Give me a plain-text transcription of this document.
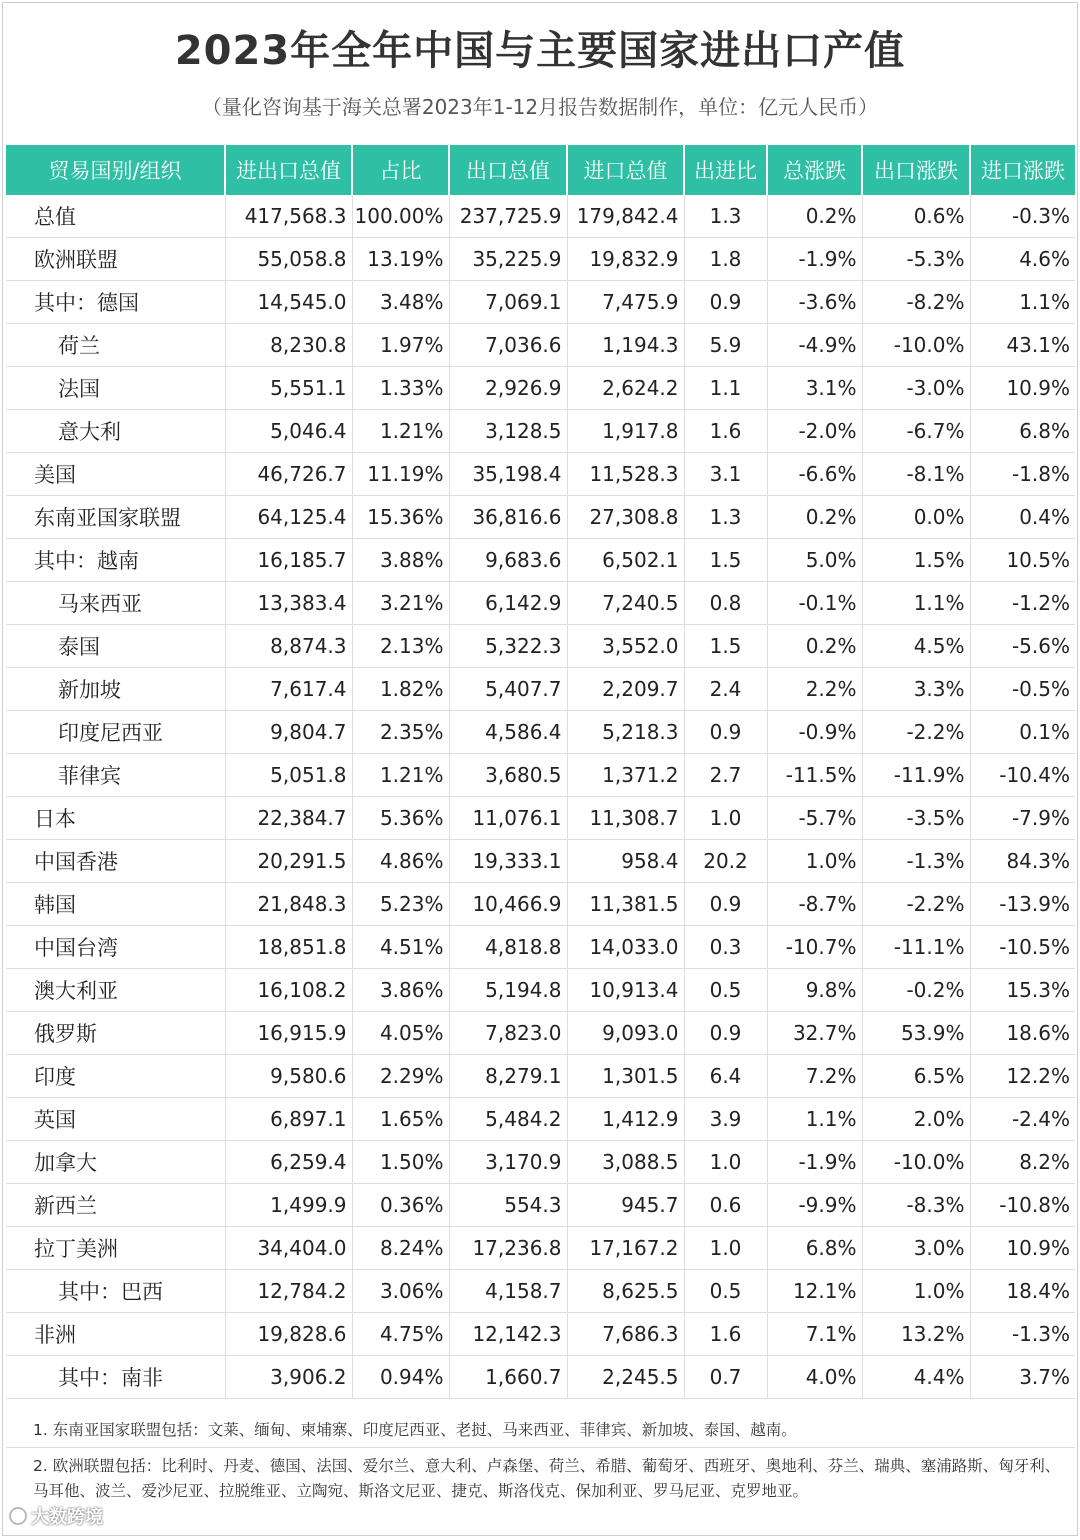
2023年全年中国与主要国家进出口产值
（量化咨询基于海关总署2023年1-12月报告数据制作，单位：亿元人民币）
贸易国别/组织	进出口总值	占比	出口总值	进口总值	出进比	总涨跌	出口涨跌	进口涨跌
总值	417,568.3	100.00%	237,725.9	179,842.4	1.3	0.2%	0.6%	-0.3%
欧洲联盟	55,058.8	13.19%	35,225.9	19,832.9	1.8	-1.9%	-5.3%	4.6%
其中：德国	14,545.0	3.48%	7,069.1	7,475.9	0.9	-3.6%	-8.2%	1.1%
荷兰	8,230.8	1.97%	7,036.6	1,194.3	5.9	-4.9%	-10.0%	43.1%
法国	5,551.1	1.33%	2,926.9	2,624.2	1.1	3.1%	-3.0%	10.9%
意大利	5,046.4	1.21%	3,128.5	1,917.8	1.6	-2.0%	-6.7%	6.8%
美国	46,726.7	11.19%	35,198.4	11,528.3	3.1	-6.6%	-8.1%	-1.8%
东南亚国家联盟	64,125.4	15.36%	36,816.6	27,308.8	1.3	0.2%	0.0%	0.4%
其中：越南	16,185.7	3.88%	9,683.6	6,502.1	1.5	5.0%	1.5%	10.5%
马来西亚	13,383.4	3.21%	6,142.9	7,240.5	0.8	-0.1%	1.1%	-1.2%
泰国	8,874.3	2.13%	5,322.3	3,552.0	1.5	0.2%	4.5%	-5.6%
新加坡	7,617.4	1.82%	5,407.7	2,209.7	2.4	2.2%	3.3%	-0.5%
印度尼西亚	9,804.7	2.35%	4,586.4	5,218.3	0.9	-0.9%	-2.2%	0.1%
菲律宾	5,051.8	1.21%	3,680.5	1,371.2	2.7	-11.5%	-11.9%	-10.4%
日本	22,384.7	5.36%	11,076.1	11,308.7	1.0	-5.7%	-3.5%	-7.9%
中国香港	20,291.5	4.86%	19,333.1	958.4	20.2	1.0%	-1.3%	84.3%
韩国	21,848.3	5.23%	10,466.9	11,381.5	0.9	-8.7%	-2.2%	-13.9%
中国台湾	18,851.8	4.51%	4,818.8	14,033.0	0.3	-10.7%	-11.1%	-10.5%
澳大利亚	16,108.2	3.86%	5,194.8	10,913.4	0.5	9.8%	-0.2%	15.3%
俄罗斯	16,915.9	4.05%	7,823.0	9,093.0	0.9	32.7%	53.9%	18.6%
印度	9,580.6	2.29%	8,279.1	1,301.5	6.4	7.2%	6.5%	12.2%
英国	6,897.1	1.65%	5,484.2	1,412.9	3.9	1.1%	2.0%	-2.4%
加拿大	6,259.4	1.50%	3,170.9	3,088.5	1.0	-1.9%	-10.0%	8.2%
新西兰	1,499.9	0.36%	554.3	945.7	0.6	-9.9%	-8.3%	-10.8%
拉丁美洲	34,404.0	8.24%	17,236.8	17,167.2	1.0	6.8%	3.0%	10.9%
其中：巴西	12,784.2	3.06%	4,158.7	8,625.5	0.5	12.1%	1.0%	18.4%
非洲	19,828.6	4.75%	12,142.3	7,686.3	1.6	7.1%	13.2%	-1.3%
其中：南非	3,906.2	0.94%	1,660.7	2,245.5	0.7	4.0%	4.4%	3.7%
1. 东南亚国家联盟包括：文莱、缅甸、柬埔寨、印度尼西亚、老挝、马来西亚、菲律宾、新加坡、泰国、越南。
2. 欧洲联盟包括：比利时、丹麦、德国、法国、爱尔兰、意大利、卢森堡、荷兰、希腊、葡萄牙、西班牙、奥地利、芬兰、瑞典、塞浦路斯、匈牙利、马耳他、波兰、爱沙尼亚、拉脱维亚、立陶宛、斯洛文尼亚、捷克、斯洛伐克、保加利亚、罗马尼亚、克罗地亚。
大数跨境
